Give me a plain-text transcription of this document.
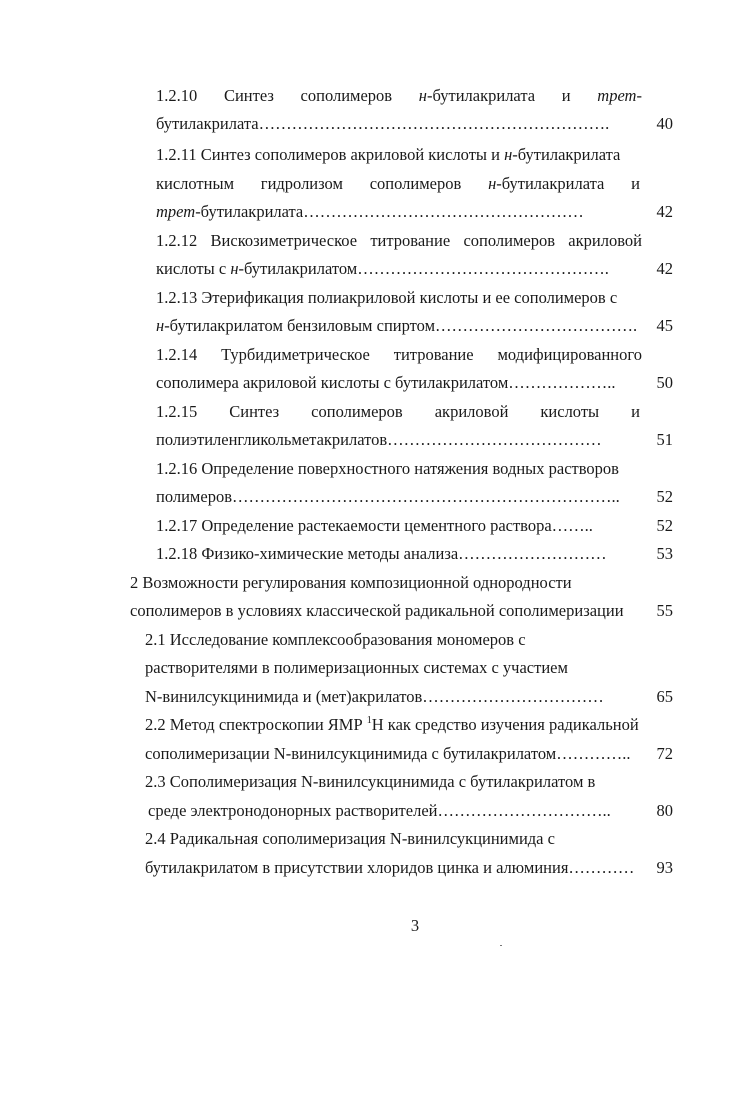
1.2.10 Синтез сополимеров н-бутилакрилата и трет-
бутилакрилата……………………………………………………….	40
1.2.11 Синтез сополимеров акриловой кислоты и н-бутилакрилата
кислотным гидролизом сополимеров н-бутилакрилата и
трет-бутилакрилата……………………………………………	42
1.2.12 Вискозиметрическое титрование сополимеров акриловой
кислоты с н-бутилакрилатом……………………………………….	42
1.2.13 Этерификация полиакриловой кислоты и ее сополимеров с
н-бутилакрилатом бензиловым спиртом……………………………….	45
1.2.14 Турбидиметрическое титрование модифицированного
сополимера акриловой кислоты с бутилакрилатом………………..	50
1.2.15 Синтез сополимеров акриловой кислоты и
полиэтиленгликольметакрилатов…………………………………	51
1.2.16 Определение поверхностного натяжения водных растворов
полимеров……………………………………………………………..	52
1.2.17 Определение растекаемости цементного раствора……..	52
1.2.18 Физико-химические методы анализа………………………	53
2 Возможности регулирования композиционной однородности
сополимеров в условиях классической радикальной сополимеризации	55
2.1 Исследование комплексообразования мономеров с
растворителями в полимеризационных системах с участием
N-винилсукцинимида и (мет)акрилатов……………………………	65
2.2 Метод спектроскопии ЯМР $^1$Н как средство изучения радикальной
сополимеризации N-винилсукцинимида с бутилакрилатом…………..	72
2.3 Сополимеризация N-винилсукцинимида с бутилакрилатом в
среде электронодонорных растворителей…………………………..	80
2.4 Радикальная сополимеризация N-винилсукцинимида с
бутилакрилатом в присутствии хлоридов цинка и алюминия…………	93
3
